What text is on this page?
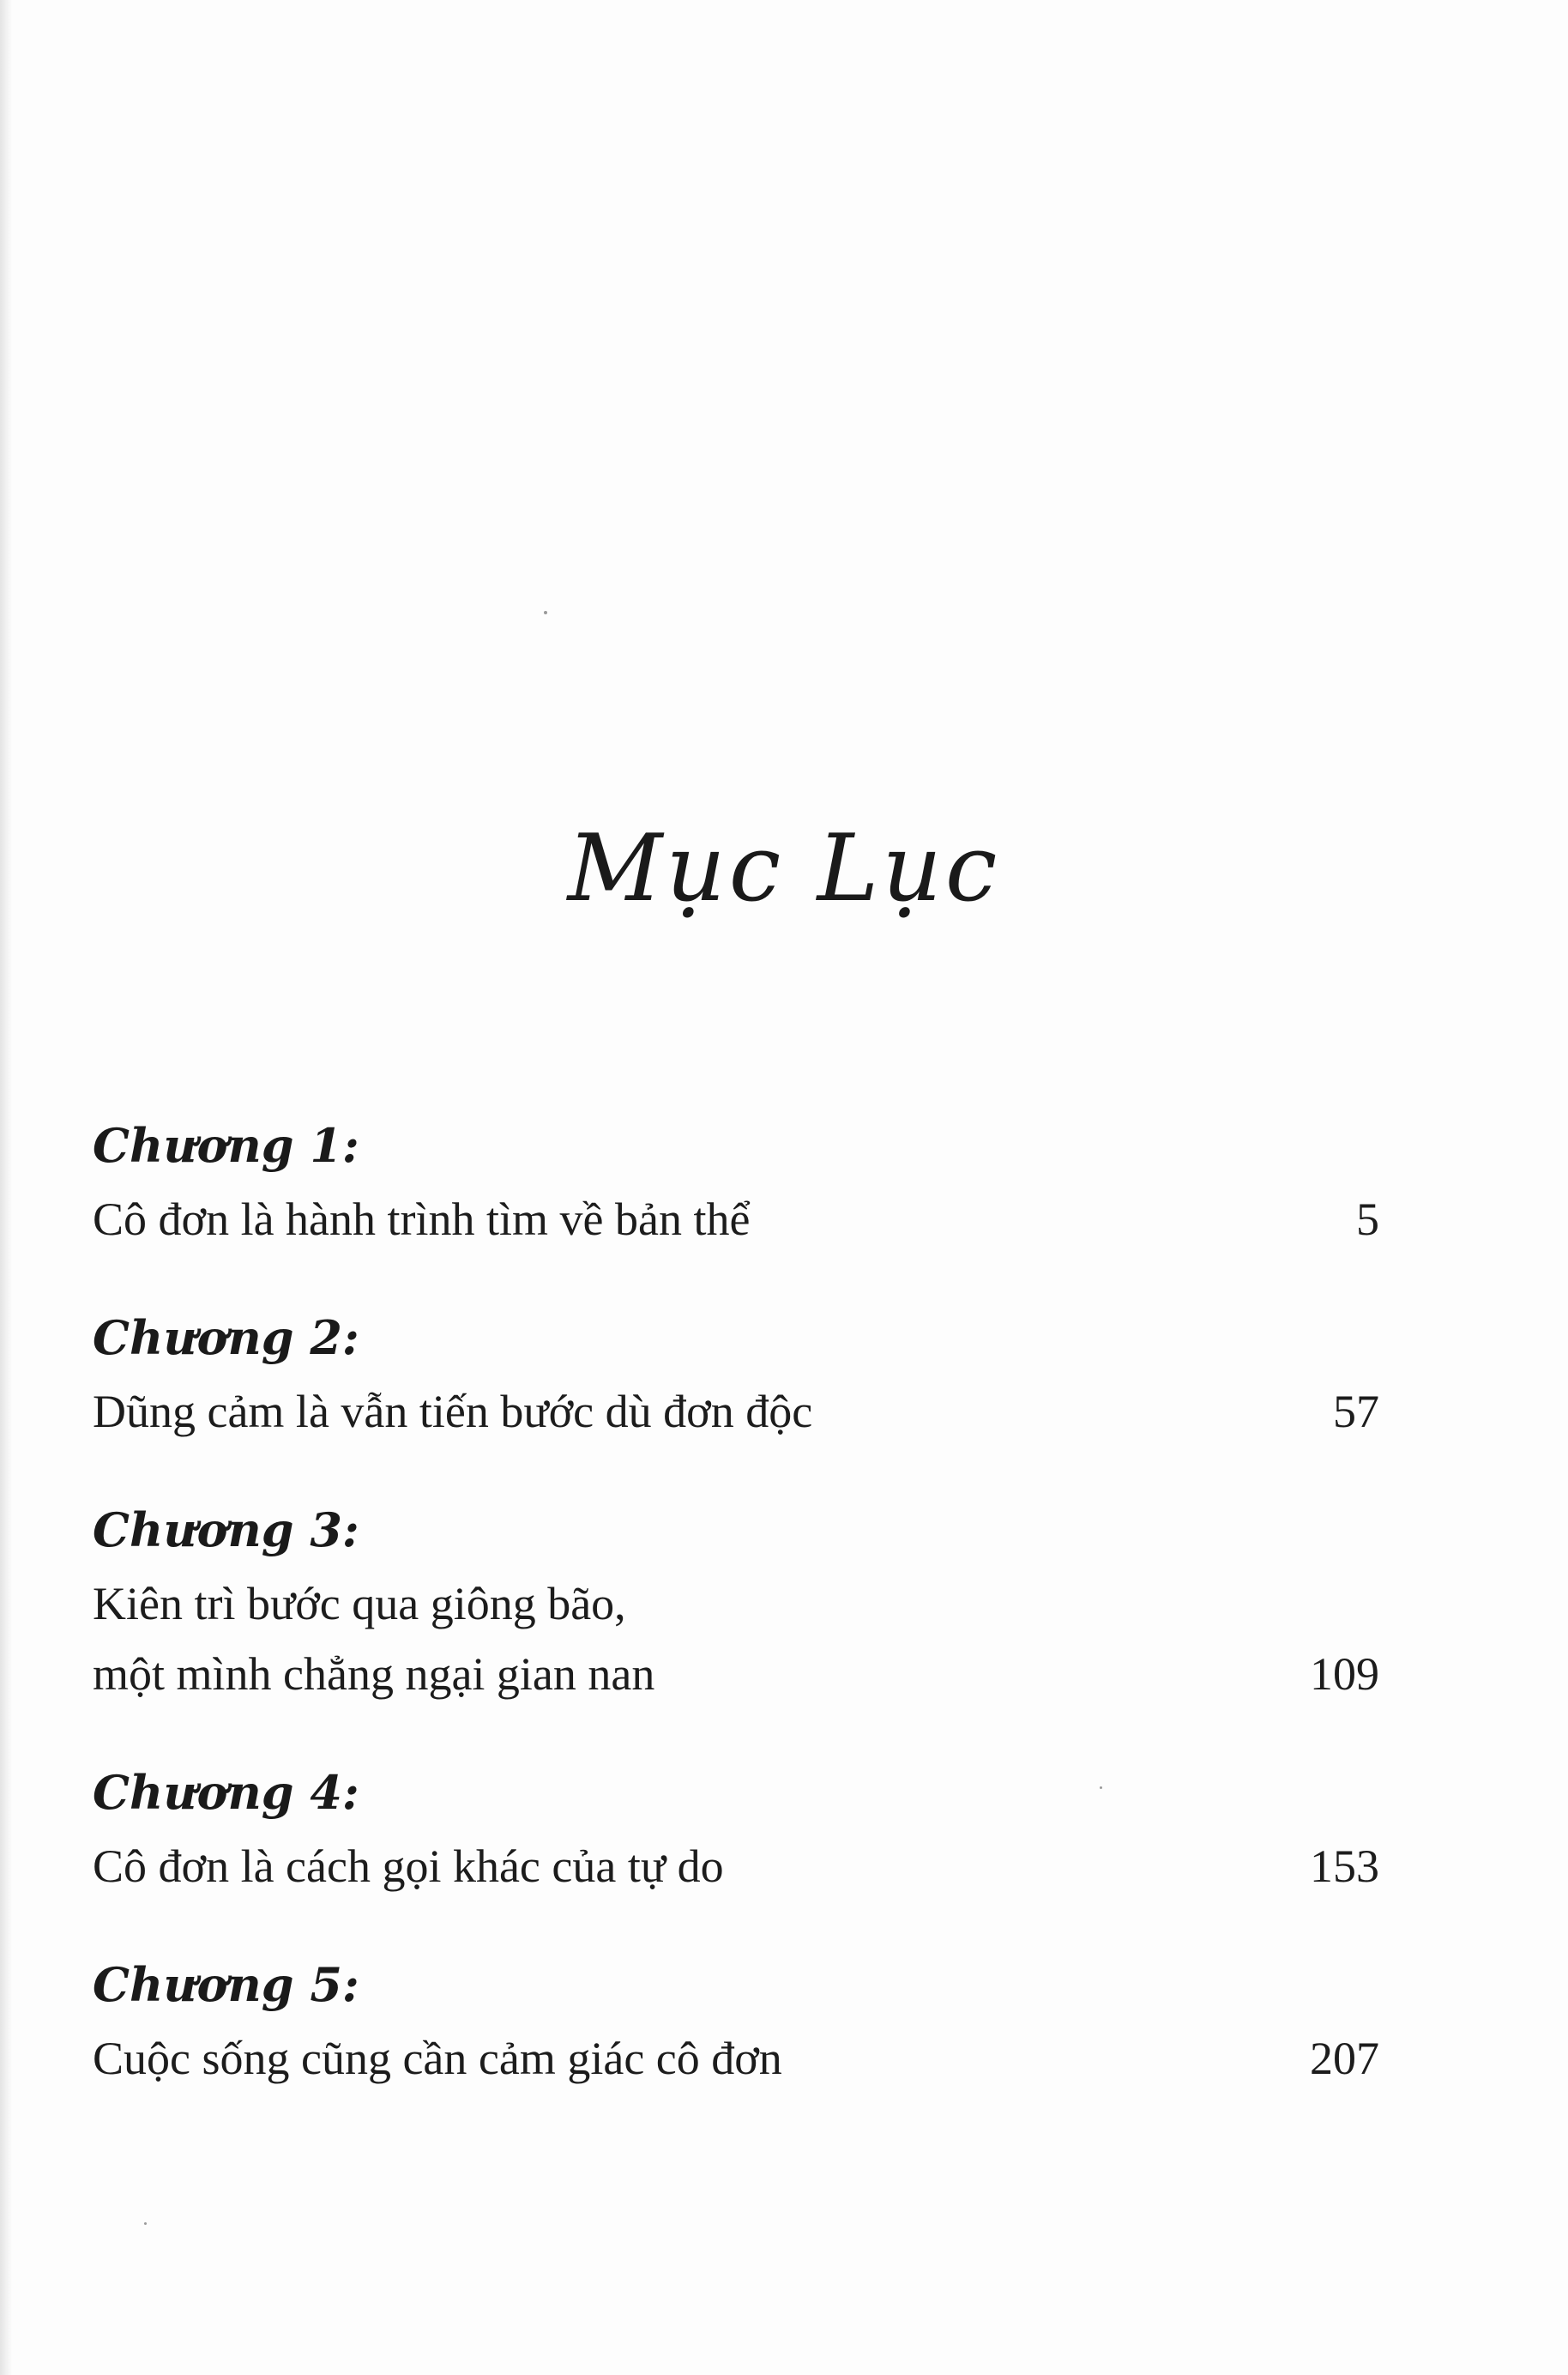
Mục Lục
Chương 1:
Cô đơn là hành trình tìm về bản thể	5
Chương 2:
Dũng cảm là vẫn tiến bước dù đơn độc	57
Chương 3:
Kiên trì bước qua giông bão,
một mình chẳng ngại gian nan	109
Chương 4:
Cô đơn là cách gọi khác của tự do	153
Chương 5:
Cuộc sống cũng cần cảm giác cô đơn	207
